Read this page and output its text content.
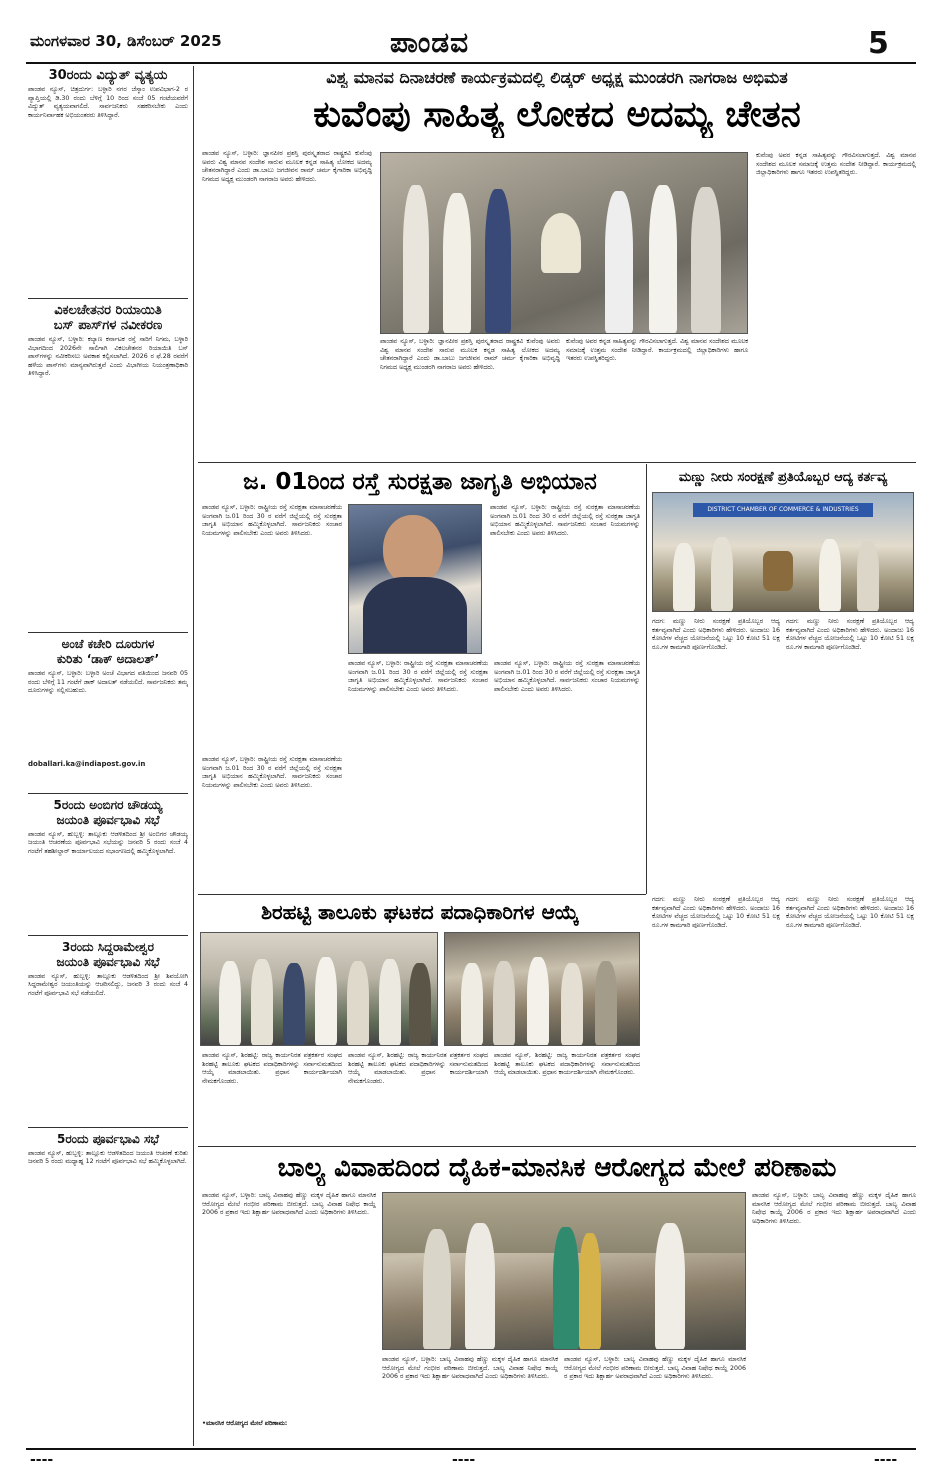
ಮಂಗಳವಾರ 30, ಡಿಸೆಂಬರ್ 2025	ಪಾಂಡವ	5
30ರಂದು ವಿದ್ಯುತ್ ವ್ಯತ್ಯಯ
ಪಾಂಡವ ನ್ಯೂಸ್, ಚಿತ್ರದುರ್ಗ: ಬಳ್ಳಾರಿ ನಗರ ಜೆಸ್ಕಾಂ ಉಪವಿಭಾಗ-2 ರ ವ್ಯಾಪ್ತಿಯಲ್ಲಿ ಡಿ.30 ರಂದು ಬೆಳಿಗ್ಗೆ 10 ರಿಂದ ಸಂಜೆ 05 ಗಂಟೆಯವರೆಗೆ ವಿದ್ಯುತ್ ವ್ಯತ್ಯಯವಾಗಲಿದೆ. ಸಾರ್ವಜನಿಕರು ಸಹಕರಿಸಬೇಕು ಎಂದು ಕಾರ್ಯನಿರ್ವಾಹಕ ಅಭಿಯಂತರರು ತಿಳಿಸಿದ್ದಾರೆ.
ವಿಕಲಚೇತನರ ರಿಯಾಯಿತಿ
ಬಸ್ ಪಾಸ್‌ಗಳ ನವೀಕರಣ
ಪಾಂಡವ ನ್ಯೂಸ್, ಬಳ್ಳಾರಿ: ಕಲ್ಯಾಣ ಕರ್ನಾಟಕ ರಸ್ತೆ ಸಾರಿಗೆ ನಿಗಮ, ಬಳ್ಳಾರಿ ವಿಭಾಗದಿಂದ 2026ನೇ ಸಾಲಿಗಾಗಿ ವಿಕಲಚೇತನರ ರಿಯಾಯಿತಿ ಬಸ್ ಪಾಸ್‌ಗಳನ್ನು ನವೀಕರಿಸಲು ಅವಕಾಶ ಕಲ್ಪಿಸಲಾಗಿದೆ. 2026 ರ ಫೆ.28 ರವರೆಗೆ ಹಳೆಯ ಪಾಸ್‌ಗಳು ಮಾನ್ಯವಾಗಿರುತ್ತವೆ ಎಂದು ವಿಭಾಗೀಯ ನಿಯಂತ್ರಣಾಧಿಕಾರಿ ತಿಳಿಸಿದ್ದಾರೆ.
ಅಂಚೆ ಕಚೇರಿ ದೂರುಗಳ
ಕುರಿತು ‘ಡಾಕ್ ಅದಾಲತ್’
ಪಾಂಡವ ನ್ಯೂಸ್, ಬಳ್ಳಾರಿ: ಬಳ್ಳಾರಿ ಅಂಚೆ ವಿಭಾಗದ ವತಿಯಿಂದ ಜನವರಿ 05 ರಂದು ಬೆಳಿಗ್ಗೆ 11 ಗಂಟೆಗೆ ಡಾಕ್ ಅದಾಲತ್ ನಡೆಯಲಿದೆ. ಸಾರ್ವಜನಿಕರು ತಮ್ಮ ದೂರುಗಳನ್ನು ಸಲ್ಲಿಸಬಹುದು.
doballari.ka@indiapost.gov.in
5ರಂದು ಅಂಬಿಗರ ಚೌಡಯ್ಯ
ಜಯಂತಿ ಪೂರ್ವಭಾವಿ ಸಭೆ
ಪಾಂಡವ ನ್ಯೂಸ್, ಹುಬ್ಬಳ್ಳಿ: ತಾಲ್ಲೂಕು ಆಡಳಿತದಿಂದ ಶ್ರೀ ಅಂಬಿಗರ ಚೌಡಯ್ಯ ಜಯಂತಿ ಆಚರಣೆಯ ಪೂರ್ವಭಾವಿ ಸಭೆಯನ್ನು ಜನವರಿ 5 ರಂದು ಸಂಜೆ 4 ಗಂಟೆಗೆ ತಹಶೀಲ್ದಾರ್ ಕಾರ್ಯಾಲಯದ ಸಭಾಂಗಣದಲ್ಲಿ ಹಮ್ಮಿಕೊಳ್ಳಲಾಗಿದೆ.
3ರಂದು ಸಿದ್ದರಾಮೇಶ್ವರ
ಜಯಂತಿ ಪೂರ್ವಭಾವಿ ಸಭೆ
ಪಾಂಡವ ನ್ಯೂಸ್, ಹುಬ್ಬಳ್ಳಿ: ತಾಲ್ಲೂಕು ಆಡಳಿತದಿಂದ ಶ್ರೀ ಶಿವಯೋಗಿ ಸಿದ್ದರಾಮೇಶ್ವರ ಜಯಂತಿಯನ್ನು ಆಚರಿಸಲಿದ್ದು, ಜನವರಿ 3 ರಂದು ಸಂಜೆ 4 ಗಂಟೆಗೆ ಪೂರ್ವಭಾವಿ ಸಭೆ ನಡೆಯಲಿದೆ.
5ರಂದು ಪೂರ್ವಭಾವಿ ಸಭೆ
ಪಾಂಡವ ನ್ಯೂಸ್, ಹುಬ್ಬಳ್ಳಿ: ತಾಲ್ಲೂಕು ಆಡಳಿತದಿಂದ ಜಯಂತಿ ಆಚರಣೆ ಕುರಿತು ಜನವರಿ 5 ರಂದು ಮಧ್ಯಾಹ್ನ 12 ಗಂಟೆಗೆ ಪೂರ್ವಭಾವಿ ಸಭೆ ಹಮ್ಮಿಕೊಳ್ಳಲಾಗಿದೆ.
ವಿಶ್ವ ಮಾನವ ದಿನಾಚರಣೆ ಕಾರ್ಯಕ್ರಮದಲ್ಲಿ ಲಿಡ್ಕರ್ ಅಧ್ಯಕ್ಷ ಮುಂಡರಗಿ ನಾಗರಾಜ ಅಭಿಮತ
ಕುವೆಂಪು ಸಾಹಿತ್ಯ ಲೋಕದ ಅದಮ್ಯ ಚೇತನ
ಪಾಂಡವ ನ್ಯೂಸ್, ಬಳ್ಳಾರಿ: ಜ್ಞಾನಪೀಠ ಪ್ರಶಸ್ತಿ ಪುರಸ್ಕೃತರಾದ ರಾಷ್ಟ್ರಕವಿ ಕುವೆಂಪು ಅವರು ವಿಶ್ವ ಮಾನವ ಸಂದೇಶ ಸಾರುವ ಮೂಲಕ ಕನ್ನಡ ಸಾಹಿತ್ಯ ಲೋಕದ ಅದಮ್ಯ ಚೇತನರಾಗಿದ್ದಾರೆ ಎಂದು ಡಾ.ಬಾಬು ಜಗಜೀವನ ರಾಮ್ ಚರ್ಮ ಕೈಗಾರಿಕಾ ಅಭಿವೃದ್ಧಿ ನಿಗಮದ ಅಧ್ಯಕ್ಷ ಮುಂಡರಗಿ ನಾಗರಾಜ ಅವರು ಹೇಳಿದರು.
ಪಾಂಡವ ನ್ಯೂಸ್, ಬಳ್ಳಾರಿ: ಜ್ಞಾನಪೀಠ ಪ್ರಶಸ್ತಿ ಪುರಸ್ಕೃತರಾದ ರಾಷ್ಟ್ರಕವಿ ಕುವೆಂಪು ಅವರು ವಿಶ್ವ ಮಾನವ ಸಂದೇಶ ಸಾರುವ ಮೂಲಕ ಕನ್ನಡ ಸಾಹಿತ್ಯ ಲೋಕದ ಅದಮ್ಯ ಚೇತನರಾಗಿದ್ದಾರೆ ಎಂದು ಡಾ.ಬಾಬು ಜಗಜೀವನ ರಾಮ್ ಚರ್ಮ ಕೈಗಾರಿಕಾ ಅಭಿವೃದ್ಧಿ ನಿಗಮದ ಅಧ್ಯಕ್ಷ ಮುಂಡರಗಿ ನಾಗರಾಜ ಅವರು ಹೇಳಿದರು.
ಕುವೆಂಪು ಅವರ ಕನ್ನಡ ಸಾಹಿತ್ಯವನ್ನು ಗೌರವಿಸಲಾಗುತ್ತದೆ. ವಿಶ್ವ ಮಾನವ ಸಂದೇಶದ ಮೂಲಕ ಸಮಾಜಕ್ಕೆ ಉತ್ತಮ ಸಂದೇಶ ನೀಡಿದ್ದಾರೆ. ಕಾರ್ಯಕ್ರಮದಲ್ಲಿ ಜಿಲ್ಲಾಧಿಕಾರಿಗಳು ಹಾಗೂ ಇತರರು ಉಪಸ್ಥಿತರಿದ್ದರು.
ಕುವೆಂಪು ಅವರ ಕನ್ನಡ ಸಾಹಿತ್ಯವನ್ನು ಗೌರವಿಸಲಾಗುತ್ತದೆ. ವಿಶ್ವ ಮಾನವ ಸಂದೇಶದ ಮೂಲಕ ಸಮಾಜಕ್ಕೆ ಉತ್ತಮ ಸಂದೇಶ ನೀಡಿದ್ದಾರೆ. ಕಾರ್ಯಕ್ರಮದಲ್ಲಿ ಜಿಲ್ಲಾಧಿಕಾರಿಗಳು ಹಾಗೂ ಇತರರು ಉಪಸ್ಥಿತರಿದ್ದರು.
ಜ. 01ರಿಂದ ರಸ್ತೆ ಸುರಕ್ಷತಾ ಜಾಗೃತಿ ಅಭಿಯಾನ
ಪಾಂಡವ ನ್ಯೂಸ್, ಬಳ್ಳಾರಿ: ರಾಷ್ಟ್ರೀಯ ರಸ್ತೆ ಸುರಕ್ಷತಾ ಮಾಸಾಚರಣೆಯ ಅಂಗವಾಗಿ ಜ.01 ರಿಂದ 30 ರ ವರೆಗೆ ಜಿಲ್ಲೆಯಲ್ಲಿ ರಸ್ತೆ ಸುರಕ್ಷತಾ ಜಾಗೃತಿ ಅಭಿಯಾನ ಹಮ್ಮಿಕೊಳ್ಳಲಾಗಿದೆ. ಸಾರ್ವಜನಿಕರು ಸಂಚಾರ ನಿಯಮಗಳನ್ನು ಪಾಲಿಸಬೇಕು ಎಂದು ಅವರು ತಿಳಿಸಿದರು.
ಪಾಂಡವ ನ್ಯೂಸ್, ಬಳ್ಳಾರಿ: ರಾಷ್ಟ್ರೀಯ ರಸ್ತೆ ಸುರಕ್ಷತಾ ಮಾಸಾಚರಣೆಯ ಅಂಗವಾಗಿ ಜ.01 ರಿಂದ 30 ರ ವರೆಗೆ ಜಿಲ್ಲೆಯಲ್ಲಿ ರಸ್ತೆ ಸುರಕ್ಷತಾ ಜಾಗೃತಿ ಅಭಿಯಾನ ಹಮ್ಮಿಕೊಳ್ಳಲಾಗಿದೆ. ಸಾರ್ವಜನಿಕರು ಸಂಚಾರ ನಿಯಮಗಳನ್ನು ಪಾಲಿಸಬೇಕು ಎಂದು ಅವರು ತಿಳಿಸಿದರು.
ಪಾಂಡವ ನ್ಯೂಸ್, ಬಳ್ಳಾರಿ: ರಾಷ್ಟ್ರೀಯ ರಸ್ತೆ ಸುರಕ್ಷತಾ ಮಾಸಾಚರಣೆಯ ಅಂಗವಾಗಿ ಜ.01 ರಿಂದ 30 ರ ವರೆಗೆ ಜಿಲ್ಲೆಯಲ್ಲಿ ರಸ್ತೆ ಸುರಕ್ಷತಾ ಜಾಗೃತಿ ಅಭಿಯಾನ ಹಮ್ಮಿಕೊಳ್ಳಲಾಗಿದೆ. ಸಾರ್ವಜನಿಕರು ಸಂಚಾರ ನಿಯಮಗಳನ್ನು ಪಾಲಿಸಬೇಕು ಎಂದು ಅವರು ತಿಳಿಸಿದರು.
ಪಾಂಡವ ನ್ಯೂಸ್, ಬಳ್ಳಾರಿ: ರಾಷ್ಟ್ರೀಯ ರಸ್ತೆ ಸುರಕ್ಷತಾ ಮಾಸಾಚರಣೆಯ ಅಂಗವಾಗಿ ಜ.01 ರಿಂದ 30 ರ ವರೆಗೆ ಜಿಲ್ಲೆಯಲ್ಲಿ ರಸ್ತೆ ಸುರಕ್ಷತಾ ಜಾಗೃತಿ ಅಭಿಯಾನ ಹಮ್ಮಿಕೊಳ್ಳಲಾಗಿದೆ. ಸಾರ್ವಜನಿಕರು ಸಂಚಾರ ನಿಯಮಗಳನ್ನು ಪಾಲಿಸಬೇಕು ಎಂದು ಅವರು ತಿಳಿಸಿದರು.
ಪಾಂಡವ ನ್ಯೂಸ್, ಬಳ್ಳಾರಿ: ರಾಷ್ಟ್ರೀಯ ರಸ್ತೆ ಸುರಕ್ಷತಾ ಮಾಸಾಚರಣೆಯ ಅಂಗವಾಗಿ ಜ.01 ರಿಂದ 30 ರ ವರೆಗೆ ಜಿಲ್ಲೆಯಲ್ಲಿ ರಸ್ತೆ ಸುರಕ್ಷತಾ ಜಾಗೃತಿ ಅಭಿಯಾನ ಹಮ್ಮಿಕೊಳ್ಳಲಾಗಿದೆ. ಸಾರ್ವಜನಿಕರು ಸಂಚಾರ ನಿಯಮಗಳನ್ನು ಪಾಲಿಸಬೇಕು ಎಂದು ಅವರು ತಿಳಿಸಿದರು.
ಮಣ್ಣು ನೀರು ಸಂರಕ್ಷಣೆ ಪ್ರತಿಯೊಬ್ಬರ ಆದ್ಯ ಕರ್ತವ್ಯ
DISTRICT CHAMBER OF COMMERCE & INDUSTRIES
ಗದಗ: ಮಣ್ಣು ನೀರು ಸಂರಕ್ಷಣೆ ಪ್ರತಿಯೊಬ್ಬರ ಆದ್ಯ ಕರ್ತವ್ಯವಾಗಿದೆ ಎಂದು ಅಧಿಕಾರಿಗಳು ಹೇಳಿದರು. ಅಂದಾಜು 16 ಕೋಟಿಗಳ ವೆಚ್ಚದ ಯೋಜನೆಯಲ್ಲಿ ಒಟ್ಟು 10 ಕೋಟಿ 51 ಲಕ್ಷ ರೂ.ಗಳ ಕಾಮಗಾರಿ ಪೂರ್ಣಗೊಂಡಿದೆ.
ಗದಗ: ಮಣ್ಣು ನೀರು ಸಂರಕ್ಷಣೆ ಪ್ರತಿಯೊಬ್ಬರ ಆದ್ಯ ಕರ್ತವ್ಯವಾಗಿದೆ ಎಂದು ಅಧಿಕಾರಿಗಳು ಹೇಳಿದರು. ಅಂದಾಜು 16 ಕೋಟಿಗಳ ವೆಚ್ಚದ ಯೋಜನೆಯಲ್ಲಿ ಒಟ್ಟು 10 ಕೋಟಿ 51 ಲಕ್ಷ ರೂ.ಗಳ ಕಾಮಗಾರಿ ಪೂರ್ಣಗೊಂಡಿದೆ.
ಶಿರಹಟ್ಟಿ ತಾಲೂಕು ಘಟಕದ ಪದಾಧಿಕಾರಿಗಳ ಆಯ್ಕೆ
ಪಾಂಡವ ನ್ಯೂಸ್, ಶಿರಹಟ್ಟಿ: ರಾಜ್ಯ ಕಾರ್ಯನಿರತ ಪತ್ರಕರ್ತರ ಸಂಘದ ಶಿರಹಟ್ಟಿ ತಾಲೂಕು ಘಟಕದ ಪದಾಧಿಕಾರಿಗಳನ್ನು ಸರ್ವಾನುಮತದಿಂದ ಆಯ್ಕೆ ಮಾಡಲಾಯಿತು. ಪ್ರಧಾನ ಕಾರ್ಯದರ್ಶಿಯಾಗಿ ನೇಮಕಗೊಂಡರು.
ಪಾಂಡವ ನ್ಯೂಸ್, ಶಿರಹಟ್ಟಿ: ರಾಜ್ಯ ಕಾರ್ಯನಿರತ ಪತ್ರಕರ್ತರ ಸಂಘದ ಶಿರಹಟ್ಟಿ ತಾಲೂಕು ಘಟಕದ ಪದಾಧಿಕಾರಿಗಳನ್ನು ಸರ್ವಾನುಮತದಿಂದ ಆಯ್ಕೆ ಮಾಡಲಾಯಿತು. ಪ್ರಧಾನ ಕಾರ್ಯದರ್ಶಿಯಾಗಿ ನೇಮಕಗೊಂಡರು.
ಪಾಂಡವ ನ್ಯೂಸ್, ಶಿರಹಟ್ಟಿ: ರಾಜ್ಯ ಕಾರ್ಯನಿರತ ಪತ್ರಕರ್ತರ ಸಂಘದ ಶಿರಹಟ್ಟಿ ತಾಲೂಕು ಘಟಕದ ಪದಾಧಿಕಾರಿಗಳನ್ನು ಸರ್ವಾನುಮತದಿಂದ ಆಯ್ಕೆ ಮಾಡಲಾಯಿತು. ಪ್ರಧಾನ ಕಾರ್ಯದರ್ಶಿಯಾಗಿ ನೇಮಕಗೊಂಡರು.
ಗದಗ: ಮಣ್ಣು ನೀರು ಸಂರಕ್ಷಣೆ ಪ್ರತಿಯೊಬ್ಬರ ಆದ್ಯ ಕರ್ತವ್ಯವಾಗಿದೆ ಎಂದು ಅಧಿಕಾರಿಗಳು ಹೇಳಿದರು. ಅಂದಾಜು 16 ಕೋಟಿಗಳ ವೆಚ್ಚದ ಯೋಜನೆಯಲ್ಲಿ ಒಟ್ಟು 10 ಕೋಟಿ 51 ಲಕ್ಷ ರೂ.ಗಳ ಕಾಮಗಾರಿ ಪೂರ್ಣಗೊಂಡಿದೆ.
ಗದಗ: ಮಣ್ಣು ನೀರು ಸಂರಕ್ಷಣೆ ಪ್ರತಿಯೊಬ್ಬರ ಆದ್ಯ ಕರ್ತವ್ಯವಾಗಿದೆ ಎಂದು ಅಧಿಕಾರಿಗಳು ಹೇಳಿದರು. ಅಂದಾಜು 16 ಕೋಟಿಗಳ ವೆಚ್ಚದ ಯೋಜನೆಯಲ್ಲಿ ಒಟ್ಟು 10 ಕೋಟಿ 51 ಲಕ್ಷ ರೂ.ಗಳ ಕಾಮಗಾರಿ ಪೂರ್ಣಗೊಂಡಿದೆ.
ಬಾಲ್ಯ ವಿವಾಹದಿಂದ ದೈಹಿಕ-ಮಾನಸಿಕ ಆರೋಗ್ಯದ ಮೇಲೆ ಪರಿಣಾಮ
ಪಾಂಡವ ನ್ಯೂಸ್, ಬಳ್ಳಾರಿ: ಬಾಲ್ಯ ವಿವಾಹವು ಹೆಣ್ಣು ಮಕ್ಕಳ ದೈಹಿಕ ಹಾಗೂ ಮಾನಸಿಕ ಆರೋಗ್ಯದ ಮೇಲೆ ಗಂಭೀರ ಪರಿಣಾಮ ಬೀರುತ್ತದೆ. ಬಾಲ್ಯ ವಿವಾಹ ನಿಷೇಧ ಕಾಯ್ದೆ 2006 ರ ಪ್ರಕಾರ ಇದು ಶಿಕ್ಷಾರ್ಹ ಅಪರಾಧವಾಗಿದೆ ಎಂದು ಅಧಿಕಾರಿಗಳು ತಿಳಿಸಿದರು.
ಪಾಂಡವ ನ್ಯೂಸ್, ಬಳ್ಳಾರಿ: ಬಾಲ್ಯ ವಿವಾಹವು ಹೆಣ್ಣು ಮಕ್ಕಳ ದೈಹಿಕ ಹಾಗೂ ಮಾನಸಿಕ ಆರೋಗ್ಯದ ಮೇಲೆ ಗಂಭೀರ ಪರಿಣಾಮ ಬೀರುತ್ತದೆ. ಬಾಲ್ಯ ವಿವಾಹ ನಿಷೇಧ ಕಾಯ್ದೆ 2006 ರ ಪ್ರಕಾರ ಇದು ಶಿಕ್ಷಾರ್ಹ ಅಪರಾಧವಾಗಿದೆ ಎಂದು ಅಧಿಕಾರಿಗಳು ತಿಳಿಸಿದರು.
ಪಾಂಡವ ನ್ಯೂಸ್, ಬಳ್ಳಾರಿ: ಬಾಲ್ಯ ವಿವಾಹವು ಹೆಣ್ಣು ಮಕ್ಕಳ ದೈಹಿಕ ಹಾಗೂ ಮಾನಸಿಕ ಆರೋಗ್ಯದ ಮೇಲೆ ಗಂಭೀರ ಪರಿಣಾಮ ಬೀರುತ್ತದೆ. ಬಾಲ್ಯ ವಿವಾಹ ನಿಷೇಧ ಕಾಯ್ದೆ 2006 ರ ಪ್ರಕಾರ ಇದು ಶಿಕ್ಷಾರ್ಹ ಅಪರಾಧವಾಗಿದೆ ಎಂದು ಅಧಿಕಾರಿಗಳು ತಿಳಿಸಿದರು.
ಪಾಂಡವ ನ್ಯೂಸ್, ಬಳ್ಳಾರಿ: ಬಾಲ್ಯ ವಿವಾಹವು ಹೆಣ್ಣು ಮಕ್ಕಳ ದೈಹಿಕ ಹಾಗೂ ಮಾನಸಿಕ ಆರೋಗ್ಯದ ಮೇಲೆ ಗಂಭೀರ ಪರಿಣಾಮ ಬೀರುತ್ತದೆ. ಬಾಲ್ಯ ವಿವಾಹ ನಿಷೇಧ ಕಾಯ್ದೆ 2006 ರ ಪ್ರಕಾರ ಇದು ಶಿಕ್ಷಾರ್ಹ ಅಪರಾಧವಾಗಿದೆ ಎಂದು ಅಧಿಕಾರಿಗಳು ತಿಳಿಸಿದರು.
•ಮಾನಸಿಕ ಆರೋಗ್ಯದ ಮೇಲೆ ಪರಿಣಾಮ:
----	----	----
